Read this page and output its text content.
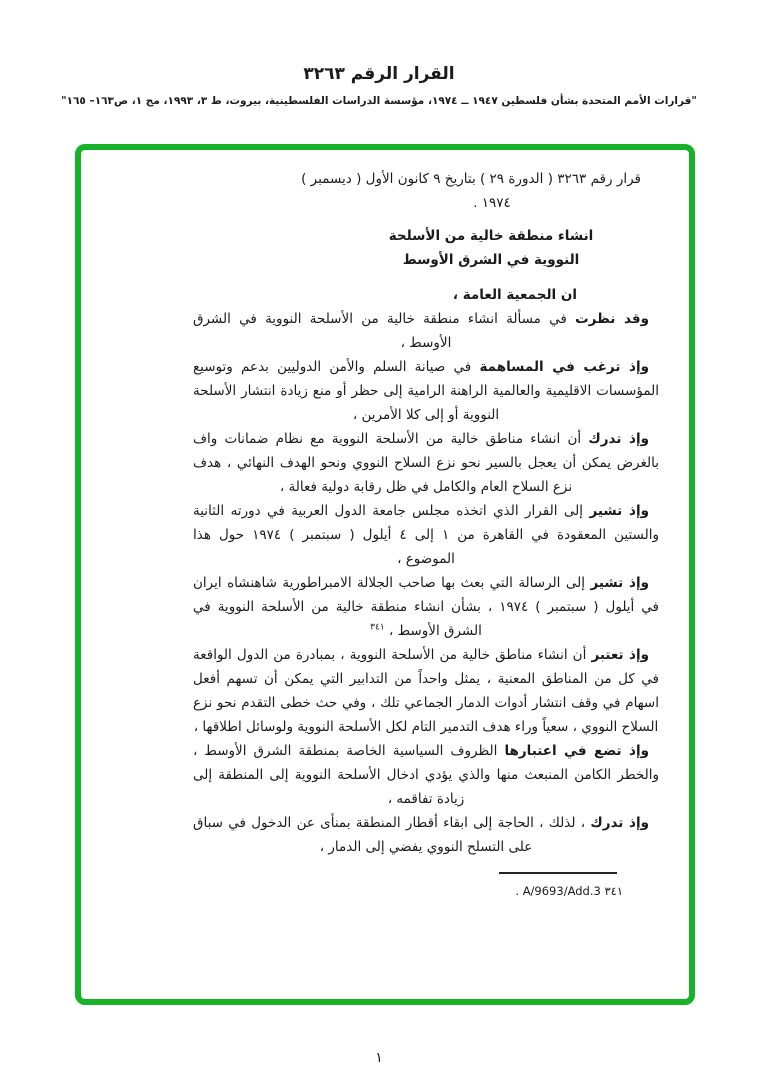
القرار الرقم ٣٢٦٣
"قرارات الأمم المتحدة بشأن فلسطين ١٩٤٧ ــ ١٩٧٤، مؤسسة الدراسات الفلسطينية، بيروت، ط ٣، ١٩٩٣، مج ١، ص١٦٣– ١٦٥"
قرار رقم ٣٢٦٣ ( الدورة ٢٩ ) بتاريخ ٩ كانون الأول ( ديسمبر )
١٩٧٤ .
انشاء منطقة خالية من الأسلحة
النووية في الشرق الأوسط
ان الجمعية العامة ،

وقد نظرت في مسألة انشاء منطقة خالية من الأسلحة النووية في الشرق الأوسط ،

وإذ ترغب في المساهمة في صيانة السلم والأمن الدوليين بدعم وتوسيع المؤسسات الاقليمية والعالمية الراهنة الرامية إلى حظر أو منع زيادة انتشار الأسلحة النووية أو إلى كلا الأمرين ،

وإذ تدرك أن انشاء مناطق خالية من الأسلحة النووية مع نظام ضمانات واف بالغرض يمكن أن يعجل بالسير نحو نزع السلاح النووي ونحو الهدف النهائي ، هدف نزع السلاح العام والكامل في ظل رقابة دولية فعالة ،

وإذ تشير إلى القرار الذي اتخذه مجلس جامعة الدول العربية في دورته الثانية والستين المعقودة في القاهرة من ١ إلى ٤ أيلول ( سبتمبر ) ١٩٧٤ حول هذا الموضوع ،

وإذ تشير إلى الرسالة التي بعث بها صاحب الجلالة الامبراطورية شاهنشاه ايران في أيلول ( سبتمبر ) ١٩٧٤ ، بشأن انشاء منطقة خالية من الأسلحة النووية في الشرق الأوسط ، $^{٣٤١}$

وإذ تعتبر أن انشاء مناطق خالية من الأسلحة النووية ، بمبادرة من الدول الواقعة في كل من المناطق المعنية ، يمثل واحداً من التدابير التي يمكن أن تسهم أفعل اسهام في وقف انتشار أدوات الدمار الجماعي تلك ، وفي حث خطى التقدم نحو نزع السلاح النووي ، سعياً وراء هدف التدمير التام لكل الأسلحة النووية ولوسائل اطلاقها ،

وإذ تضع في اعتبارها الظروف السياسية الخاصة بمنطقة الشرق الأوسط ، والخطر الكامن المنبعث منها والذي يؤدي ادخال الأسلحة النووية إلى المنطقة إلى زيادة تفاقمه ،

وإذ تدرك ، لذلك ، الحاجة إلى ابقاء أقطار المنطقة بمنأى عن الدخول في سباق على التسلح النووي يفضي إلى الدمار ،

٣٤١ A/9693/Add.3 .
١
